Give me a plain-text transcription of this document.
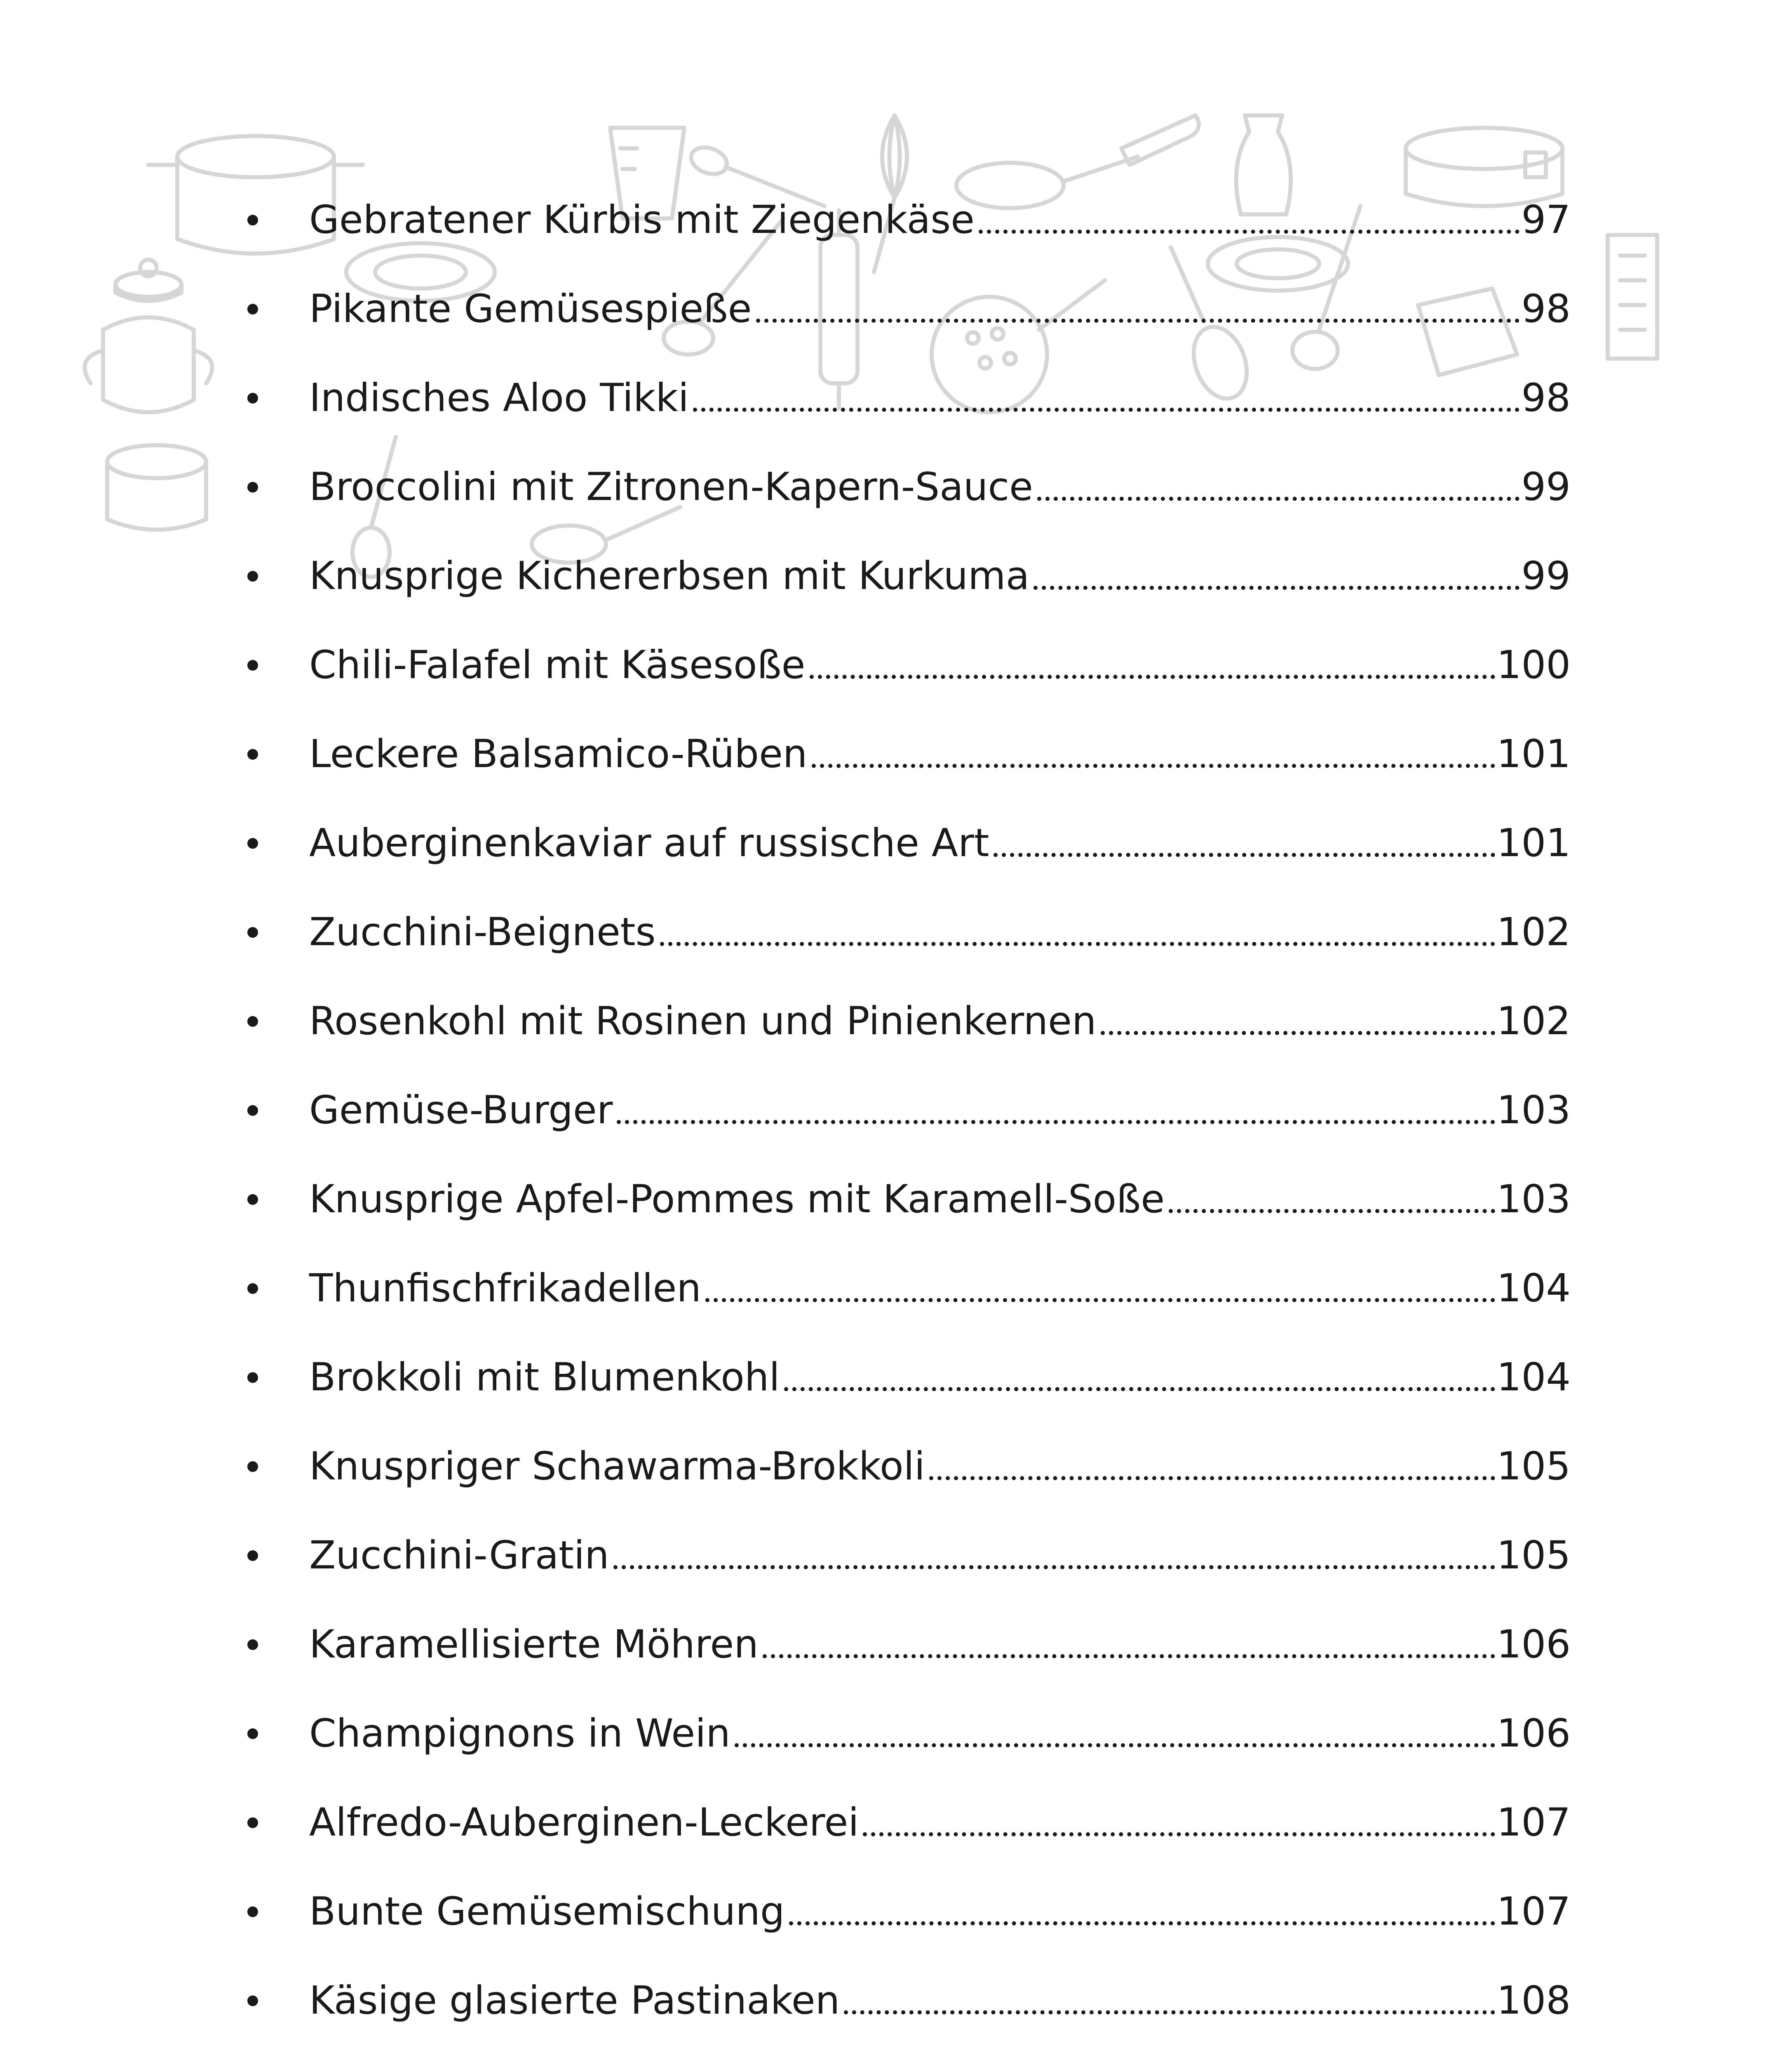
Gebratener Kürbis mit Ziegenkäse	97
Pikante Gemüsespieße	98
Indisches Aloo Tikki	98
Broccolini mit Zitronen-Kapern-Sauce	99
Knusprige Kichererbsen mit Kurkuma	99
Chili-Falafel mit Käsesoße	100
Leckere Balsamico-Rüben	101
Auberginenkaviar auf russische Art	101
Zucchini-Beignets	102
Rosenkohl mit Rosinen und Pinienkernen	102
Gemüse-Burger	103
Knusprige Apfel-Pommes mit Karamell-Soße	103
Thunfischfrikadellen	104
Brokkoli mit Blumenkohl	104
Knuspriger Schawarma-Brokkoli	105
Zucchini-Gratin	105
Karamellisierte Möhren	106
Champignons in Wein	106
Alfredo-Auberginen-Leckerei	107
Bunte Gemüsemischung	107
Käsige glasierte Pastinaken	108
